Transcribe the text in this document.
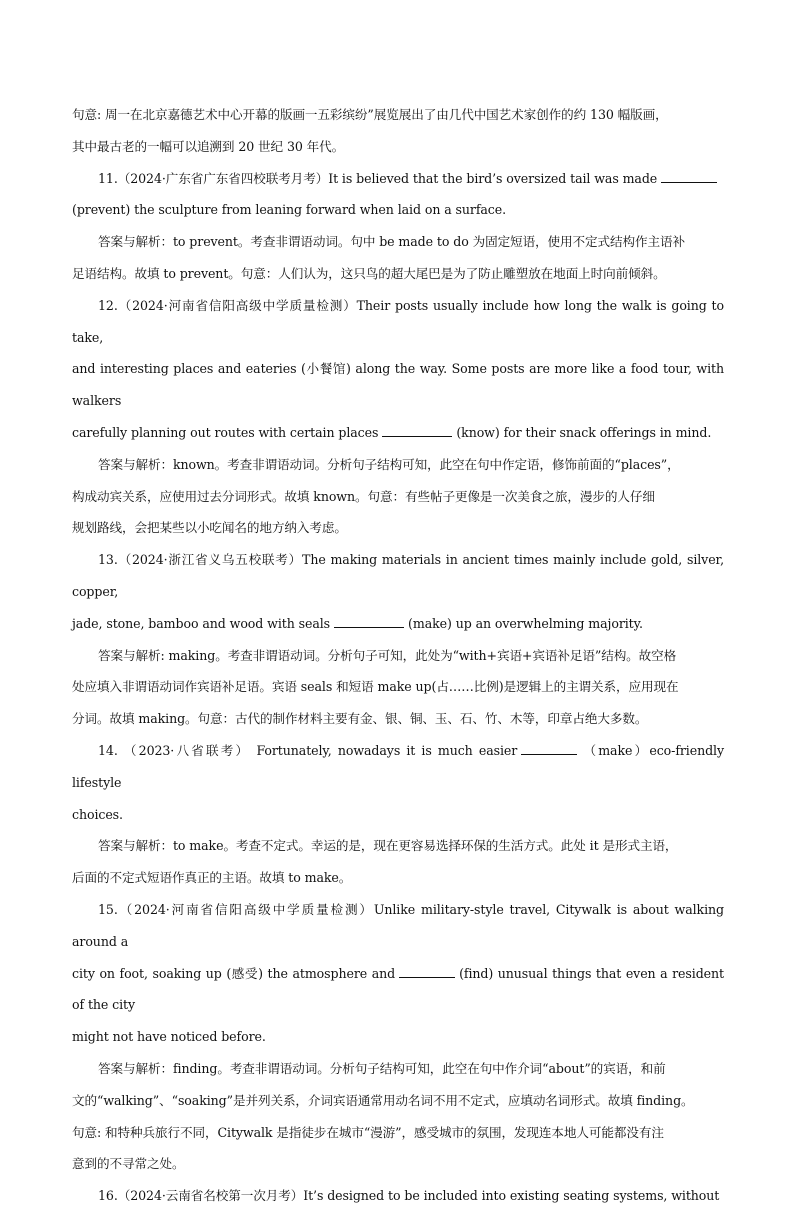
句意: 周一在北京嘉德艺术中心开幕的版画一五彩缤纷”展览展出了由几代中国艺术家创作的约 130 幅版画，

其中最古老的一幅可以追溯到 20 世纪 30 年代。

11.（2024·广东省广东省四校联考月考）It is believed that the bird’s oversized tail was made

(prevent) the sculpture from leaning forward when laid on a surface.

答案与解析：to prevent。考查非谓语动词。句中 be made to do 为固定短语，使用不定式结构作主语补

足语结构。故填 to prevent。句意：人们认为，这只鸟的超大尾巴是为了防止雕塑放在地面上时向前倾斜。

12.（2024·河南省信阳高级中学质量检测）Their posts usually include how long the walk is going to take,

and interesting places and eateries (小餐馆) along the way. Some posts are more like a food tour, with walkers

carefully planning out routes with certain places	(know) for their snack offerings in mind.

答案与解析：known。考查非谓语动词。分析句子结构可知，此空在句中作定语，修饰前面的“places”，

构成动宾关系，应使用过去分词形式。故填 known。句意：有些帖子更像是一次美食之旅，漫步的人仔细

规划路线，会把某些以小吃闻名的地方纳入考虑。

13.（2024·浙江省义乌五校联考）The making materials in ancient times mainly include gold, silver, copper,

jade, stone, bamboo and wood with seals	(make) up an overwhelming majority.

答案与解析: making。考查非谓语动词。分析句子可知，此处为“with+宾语+宾语补足语”结构。故空格

处应填入非谓语动词作宾语补足语。宾语 seals 和短语 make up(占……比例)是逻辑上的主谓关系，应用现在

分词。故填 making。句意：古代的制作材料主要有金、银、铜、玉、石、竹、木等，印章占绝大多数。

14. （2023·八省联考） Fortunately, nowadays it is much easier	（make）eco-friendly lifestyle

choices.

答案与解析：to make。考查不定式。幸运的是，现在更容易选择环保的生活方式。此处 it 是形式主语，

后面的不定式短语作真正的主语。故填 to make。

15.（2024·河南省信阳高级中学质量检测）Unlike military-style travel, Citywalk is about walking around a

city on foot, soaking up (感受) the atmosphere and	(find) unusual things that even a resident of the city

might not have noticed before.

答案与解析：finding。考查非谓语动词。分析句子结构可知，此空在句中作介词“about”的宾语，和前

文的“walking”、“soaking”是并列关系，介词宾语通常用动名词不用不定式，应填动名词形式。故填 finding。

句意: 和特种兵旅行不同，Citywalk 是指徒步在城市“漫游”，感受城市的氛围，发现连本地人可能都没有注

意到的不寻常之处。

16.（2024·云南省名校第一次月考）It’s designed to be included into existing seating systems, without
